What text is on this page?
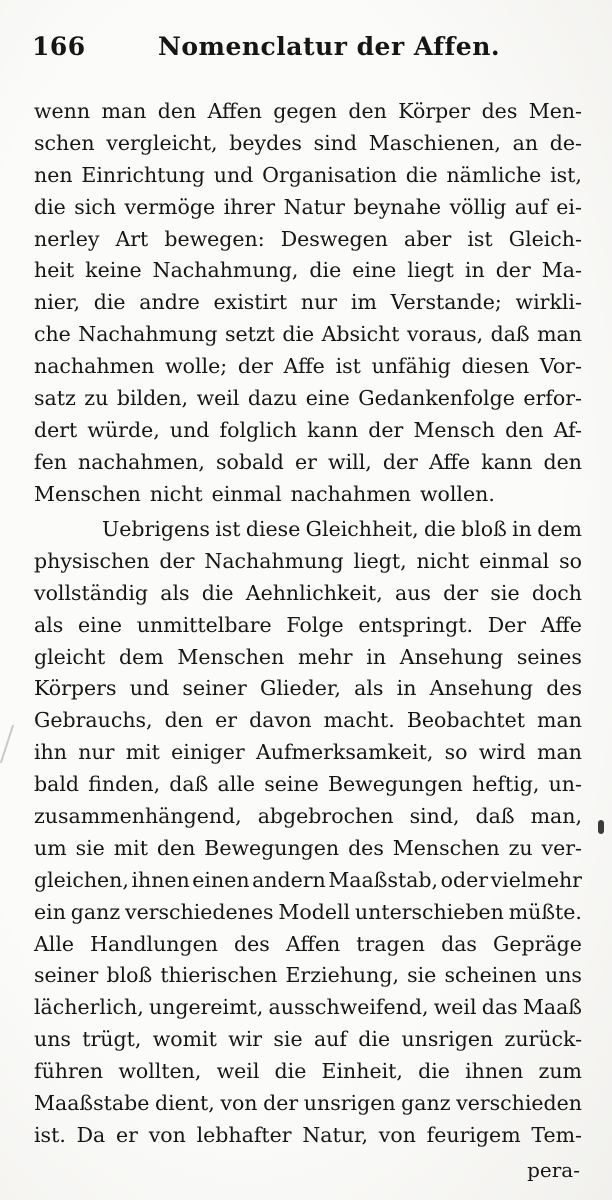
166	Nomenclatur der Affen.
wenn man den Affen gegen den Körper des Men-
schen vergleicht, beydes sind Maschienen, an de-
nen Einrichtung und Organisation die nämliche ist,
die sich vermöge ihrer Natur beynahe völlig auf ei-
nerley Art bewegen: Deswegen aber ist Gleich-
heit keine Nachahmung, die eine liegt in der Ma-
nier, die andre existirt nur im Verstande; wirkli-
che Nachahmung setzt die Absicht voraus, daß man
nachahmen wolle; der Affe ist unfähig diesen Vor-
satz zu bilden, weil dazu eine Gedankenfolge erfor-
dert würde, und folglich kann der Mensch den Af-
fen nachahmen, sobald er will, der Affe kann den
Menschen nicht einmal nachahmen wollen.
Uebrigens ist diese Gleichheit, die bloß in dem
physischen der Nachahmung liegt, nicht einmal so
vollständig als die Aehnlichkeit, aus der sie doch
als eine unmittelbare Folge entspringt. Der Affe
gleicht dem Menschen mehr in Ansehung seines
Körpers und seiner Glieder, als in Ansehung des
Gebrauchs, den er davon macht. Beobachtet man
ihn nur mit einiger Aufmerksamkeit, so wird man
bald finden, daß alle seine Bewegungen heftig, un-
zusammenhängend, abgebrochen sind, daß man,
um sie mit den Bewegungen des Menschen zu ver-
gleichen, ihnen einen andern Maaßstab, oder vielmehr
ein ganz verschiedenes Modell unterschieben müßte.
Alle Handlungen des Affen tragen das Gepräge
seiner bloß thierischen Erziehung, sie scheinen uns
lächerlich, ungereimt, ausschweifend, weil das Maaß
uns trügt, womit wir sie auf die unsrigen zurück-
führen wollten, weil die Einheit, die ihnen zum
Maaßstabe dient, von der unsrigen ganz verschieden
ist. Da er von lebhafter Natur, von feurigem Tem-
pera-
